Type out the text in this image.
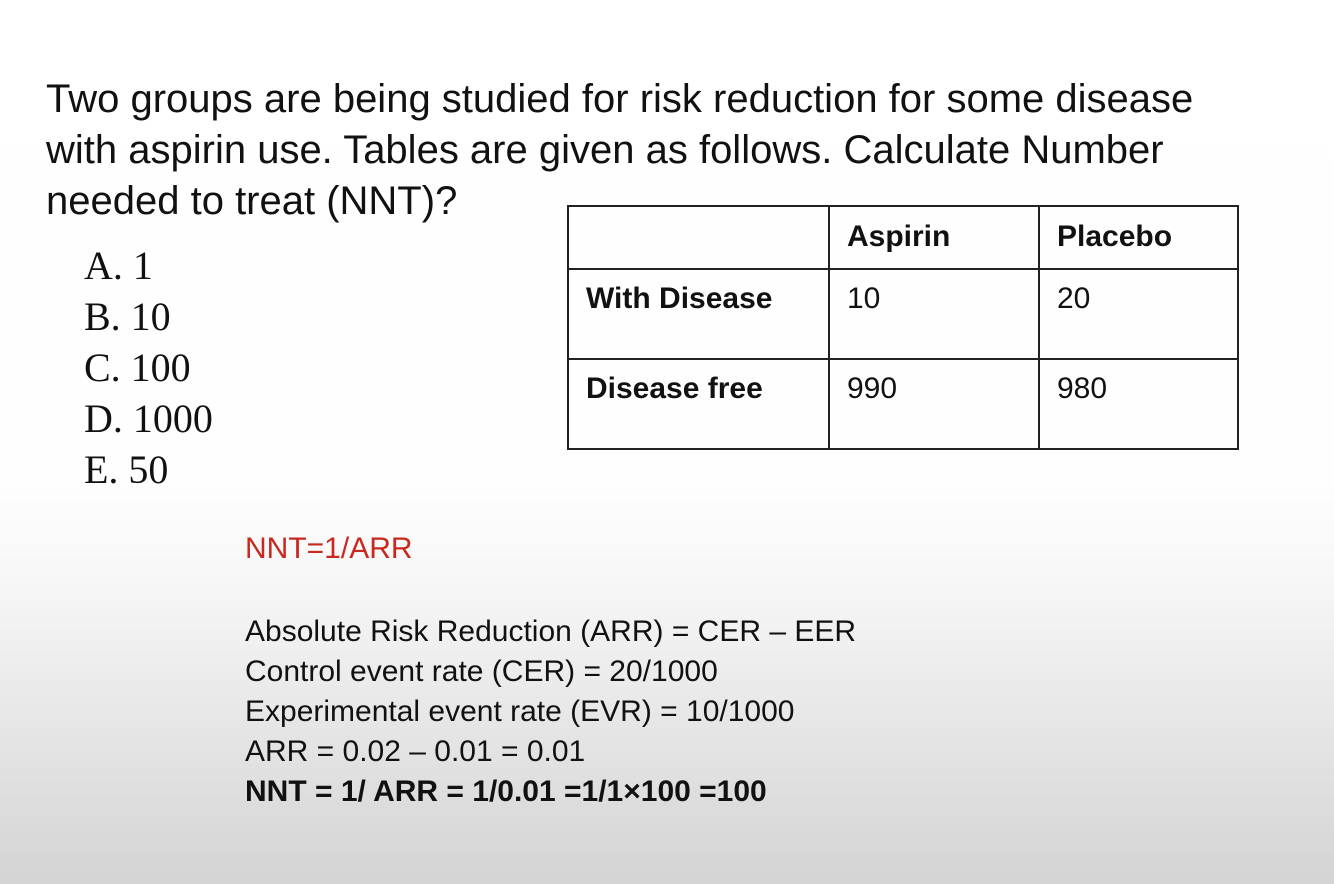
Two groups are being studied for risk reduction for some disease
with aspirin use. Tables are given as follows. Calculate Number
needed to treat (NNT)?
A. 1
B. 10
C. 100
D. 1000
E. 50
	Aspirin	Placebo
With Disease	10	20
Disease free	990	980
NNT=1/ARR
Absolute Risk Reduction (ARR) = CER – EER
Control event rate (CER) = 20/1000
Experimental event rate (EVR) = 10/1000
ARR = 0.02 – 0.01 = 0.01
NNT = 1/ ARR = 1/0.01 =1/1×100 =100
